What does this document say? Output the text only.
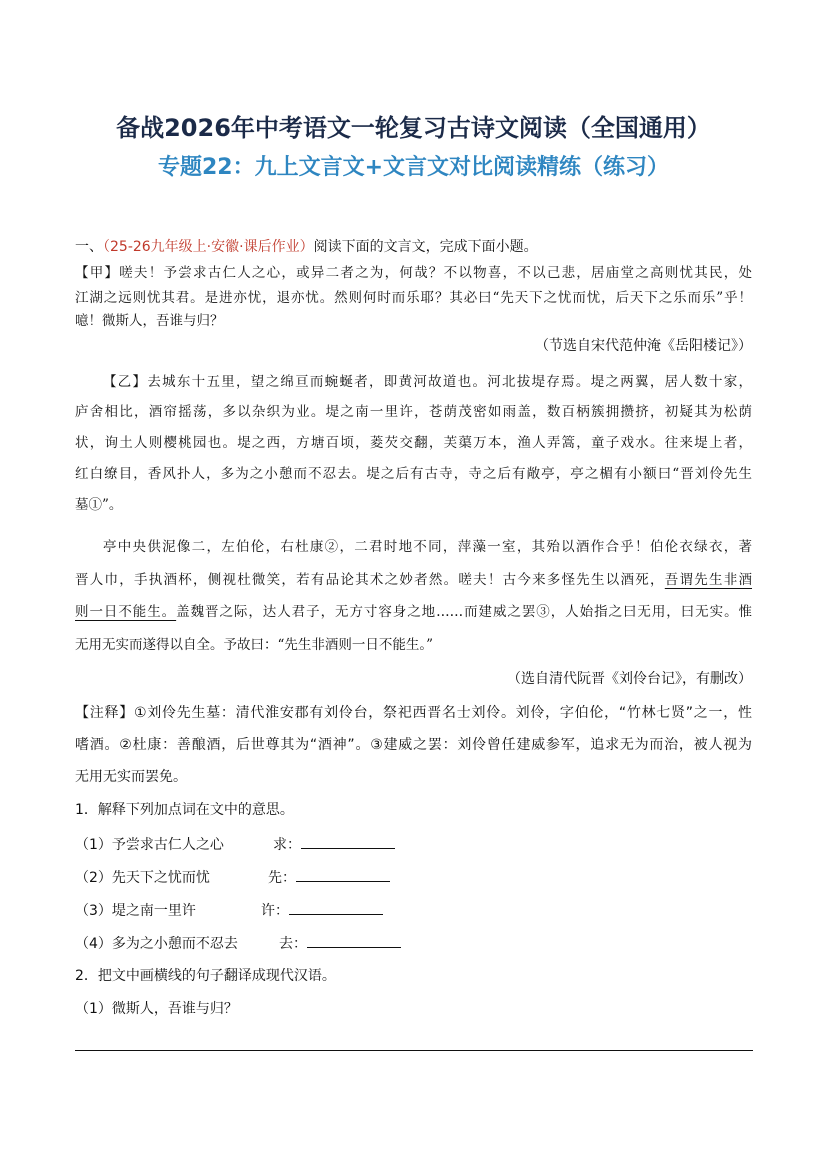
备战2026年中考语文一轮复习古诗文阅读（全国通用）
专题22：九上文言文+文言文对比阅读精练（练习）
一、（25-26九年级上·安徽·课后作业）阅读下面的文言文，完成下面小题。
【甲】嗟夫！予尝求古仁人之心，或异二者之为，何哉？不以物喜，不以己悲，居庙堂之高则忧其民，处
江湖之远则忧其君。是进亦忧，退亦忧。然则何时而乐耶？其必曰“先天下之忧而忧，后天下之乐而乐”乎！
噫！微斯人，吾谁与归？
（节选自宋代范仲淹《岳阳楼记》）
【乙】去城东十五里，望之绵亘而蜿蜒者，即黄河故道也。河北拔堤存焉。堤之两翼，居人数十家，
庐舍相比，酒帘摇荡，多以杂织为业。堤之南一里许，苍荫茂密如雨盖，数百柄簇拥攒挤，初疑其为松荫
状，询土人则樱桃园也。堤之西，方塘百顷，菱芡交翻，芙蕖万本，渔人弄篙，童子戏水。往来堤上者，
红白缭目，香风扑人，多为之小憩而不忍去。堤之后有古寺，寺之后有敞亭，亭之楣有小额曰“晋刘伶先生
墓①”。
亭中央供泥像二，左伯伦，右杜康②，二君时地不同，萍藻一室，其殆以酒作合乎！伯伦衣绿衣，著
晋人巾，手执酒杯，侧视杜微笑，若有品论其术之妙者然。嗟夫！古今来多怪先生以酒死，吾谓先生非酒
则一日不能生。盖魏晋之际，达人君子，无方寸容身之地……而建威之罢③，人始指之曰无用，曰无实。惟
无用无实而遂得以自全。予故曰：“先生非酒则一日不能生。”
（选自清代阮晋《刘伶台记》，有删改）
【注释】①刘伶先生墓：清代淮安郡有刘伶台，祭祀西晋名士刘伶。刘伶，字伯伦，“竹林七贤”之一，性
嗜酒。②杜康：善酿酒，后世尊其为“酒神”。③建威之罢：刘伶曾任建威参军，追求无为而治，被人视为
无用无实而罢免。
1．解释下列加点词在文中的意思。
（1）予尝求古仁人之心	求：
（2）先天下之忧而忧	先：
（3）堤之南一里许	许：
（4）多为之小憩而不忍去	去：
2．把文中画横线的句子翻译成现代汉语。
（1）微斯人，吾谁与归？
